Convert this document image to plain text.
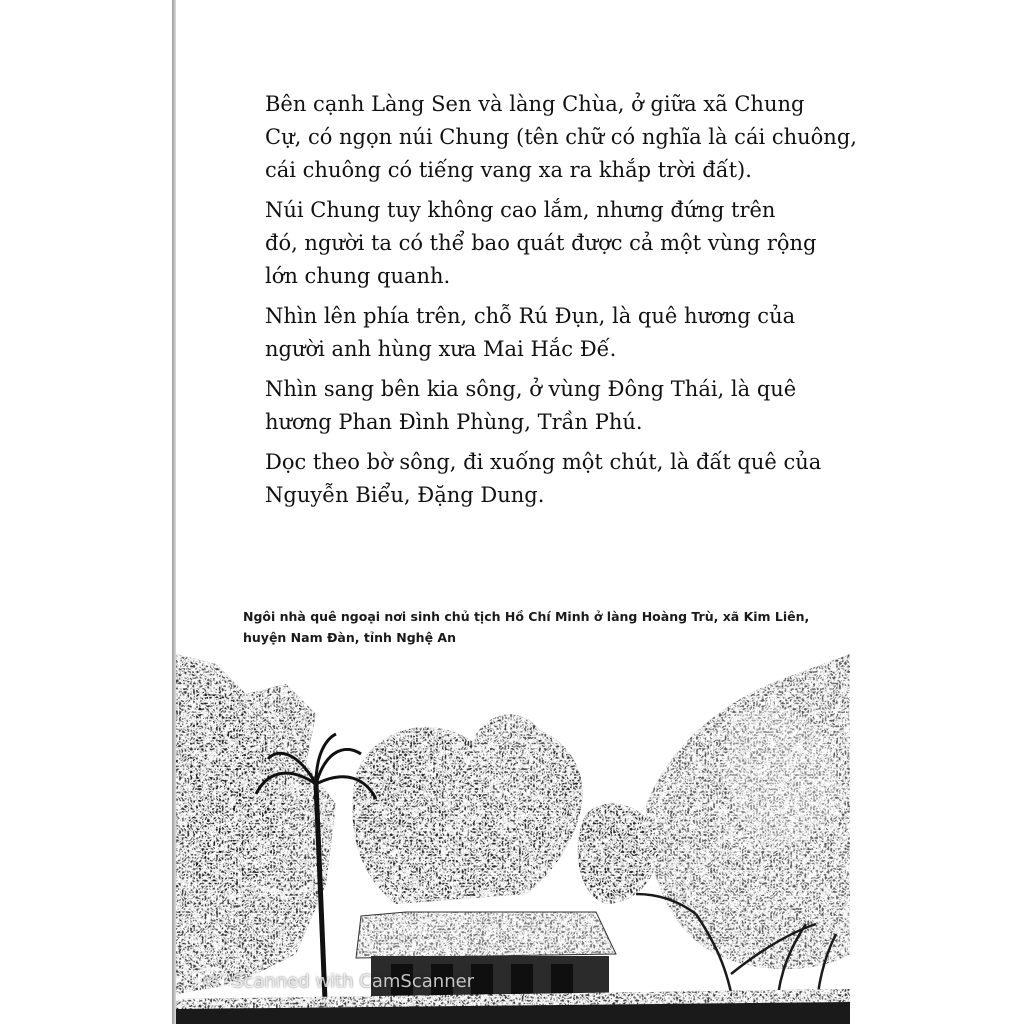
Bên cạnh Làng Sen và làng Chùa, ở giữa xã Chung
Cự, có ngọn núi Chung (tên chữ có nghĩa là cái chuông,
cái chuông có tiếng vang xa ra khắp trời đất).

Núi Chung tuy không cao lắm, nhưng đứng trên
đó, người ta có thể bao quát được cả một vùng rộng
lớn chung quanh.

Nhìn lên phía trên, chỗ Rú Đụn, là quê hương của
người anh hùng xưa Mai Hắc Đế.

Nhìn sang bên kia sông, ở vùng Đông Thái, là quê
hương Phan Đình Phùng, Trần Phú.

Dọc theo bờ sông, đi xuống một chút, là đất quê của
Nguyễn Biểu, Đặng Dung.

Ngôi nhà quê ngoại nơi sinh chủ tịch Hồ Chí Minh ở làng Hoàng Trù, xã Kim Liên,
huyện Nam Đàn, tỉnh Nghệ An
CS Scanned with CamScanner
